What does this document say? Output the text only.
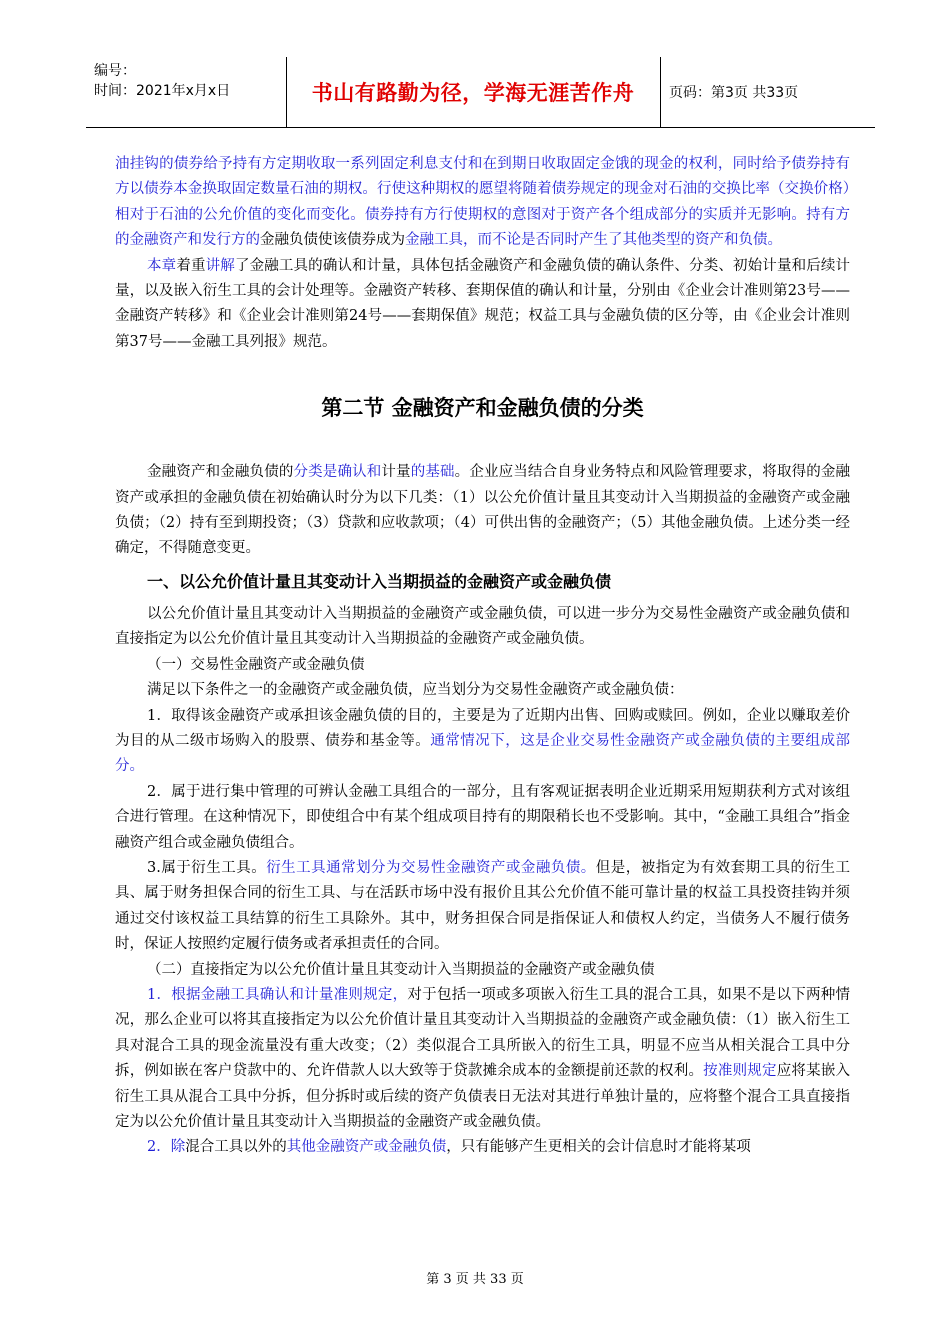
编号：
时间：2021年x月x日	书山有路勤为径，学海无涯苦作舟	页码：第3页 共33页

油挂钩的债券给予持有方定期收取一系列固定利息支付和在到期日收取固定金饿的现金的权利，同时给予债券持有方以债券本金换取固定数量石油的期权。行使这种期权的愿望将随着债券规定的现金对石油的交换比率（交换价格）相对于石油的公允价值的变化而变化。债券持有方行使期权的意图对于资产各个组成部分的实质并无影响。持有方的金融资产和发行方的金融负债使该债券成为金融工具，而不论是否同时产生了其他类型的资产和负债。

本章着重讲解了金融工具的确认和计量，具体包括金融资产和金融负债的确认条件、分类、初始计量和后续计量，以及嵌入衍生工具的会计处理等。金融资产转移、套期保值的确认和计量，分别由《企业会计准则第23号——金融资产转移》和《企业会计准则第24号——套期保值》规范；权益工具与金融负债的区分等，由《企业会计准则第37号——金融工具列报》规范。

第二节 金融资产和金融负债的分类

金融资产和金融负债的分类是确认和计量的基础。企业应当结合自身业务特点和风险管理要求，将取得的金融资产或承担的金融负债在初始确认时分为以下几类：（1）以公允价值计量且其变动计入当期损益的金融资产或金融负债；（2）持有至到期投资；（3）贷款和应收款项；（4）可供出售的金融资产；（5）其他金融负债。上述分类一经确定，不得随意变更。

一、以公允价值计量且其变动计入当期损益的金融资产或金融负债

以公允价值计量且其变动计入当期损益的金融资产或金融负债，可以进一步分为交易性金融资产或金融负债和直接指定为以公允价值计量且其变动计入当期损益的金融资产或金融负债。

（一）交易性金融资产或金融负债

满足以下条件之一的金融资产或金融负债，应当划分为交易性金融资产或金融负债：

1．取得该金融资产或承担该金融负债的目的，主要是为了近期内出售、回购或赎回。例如，企业以赚取差价为目的从二级市场购入的股票、债券和基金等。通常情况下，这是企业交易性金融资产或金融负债的主要组成部分。

2．属于进行集中管理的可辨认金融工具组合的一部分，且有客观证据表明企业近期采用短期获利方式对该组合进行管理。在这种情况下，即使组合中有某个组成项目持有的期限稍长也不受影响。其中，“金融工具组合”指金融资产组合或金融负债组合。

3.属于衍生工具。衍生工具通常划分为交易性金融资产或金融负债。但是，被指定为有效套期工具的衍生工具、属于财务担保合同的衍生工具、与在活跃市场中没有报价且其公允价值不能可靠计量的权益工具投资挂钩并须通过交付该权益工具结算的衍生工具除外。其中，财务担保合同是指保证人和债权人约定，当债务人不履行债务时，保证人按照约定履行债务或者承担责任的合同。

（二）直接指定为以公允价值计量且其变动计入当期损益的金融资产或金融负债

1．根据金融工具确认和计量准则规定，对于包括一项或多项嵌入衍生工具的混合工具，如果不是以下两种情况，那么企业可以将其直接指定为以公允价值计量且其变动计入当期损益的金融资产或金融负债：（1）嵌入衍生工具对混合工具的现金流量没有重大改变；（2）类似混合工具所嵌入的衍生工具，明显不应当从相关混合工具中分拆，例如嵌在客户贷款中的、允许借款人以大致等于贷款摊余成本的金额提前还款的权利。按准则规定应将某嵌入衍生工具从混合工具中分拆，但分拆时或后续的资产负债表日无法对其进行单独计量的，应将整个混合工具直接指定为以公允价值计量且其变动计入当期损益的金融资产或金融负债。

2．除混合工具以外的其他金融资产或金融负债，只有能够产生更相关的会计信息时才能将某项

第 3 页 共 33 页
